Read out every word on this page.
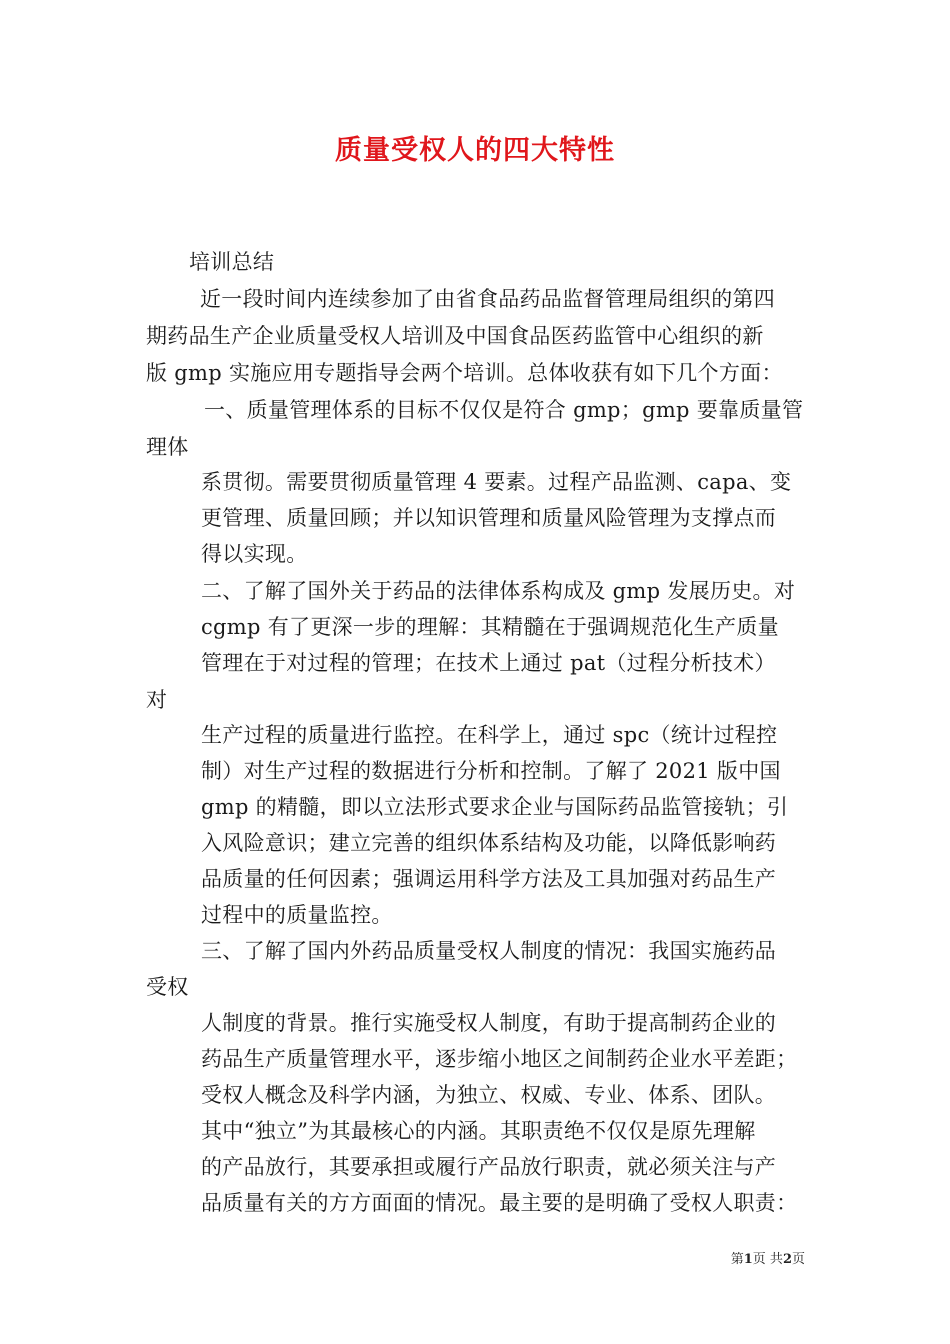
质量受权人的四大特性
培训总结
近一段时间内连续参加了由省食品药品监督管理局组织的第四
期药品生产企业质量受权人培训及中国食品医药监管中心组织的新
版 gmp 实施应用专题指导会两个培训。总体收获有如下几个方面：
一、质量管理体系的目标不仅仅是符合 gmp；gmp 要靠质量管
理体
系贯彻。需要贯彻质量管理 4 要素。过程产品监测、capa、变
更管理、质量回顾；并以知识管理和质量风险管理为支撑点而
得以实现。
二、了解了国外关于药品的法律体系构成及 gmp 发展历史。对
cgmp 有了更深一步的理解：其精髓在于强调规范化生产质量
管理在于对过程的管理；在技术上通过 pat（过程分析技术）
对
生产过程的质量进行监控。在科学上，通过 spc（统计过程控
制）对生产过程的数据进行分析和控制。了解了 2021 版中国
gmp 的精髓，即以立法形式要求企业与国际药品监管接轨；引
入风险意识；建立完善的组织体系结构及功能，以降低影响药
品质量的任何因素；强调运用科学方法及工具加强对药品生产
过程中的质量监控。
三、了解了国内外药品质量受权人制度的情况：我国实施药品
受权
人制度的背景。推行实施受权人制度，有助于提高制药企业的
药品生产质量管理水平，逐步缩小地区之间制药企业水平差距；
受权人概念及科学内涵，为独立、权威、专业、体系、团队。
其中“独立”为其最核心的内涵。其职责绝不仅仅是原先理解
的产品放行，其要承担或履行产品放行职责，就必须关注与产
品质量有关的方方面面的情况。最主要的是明确了受权人职责：
第1页 共2页
